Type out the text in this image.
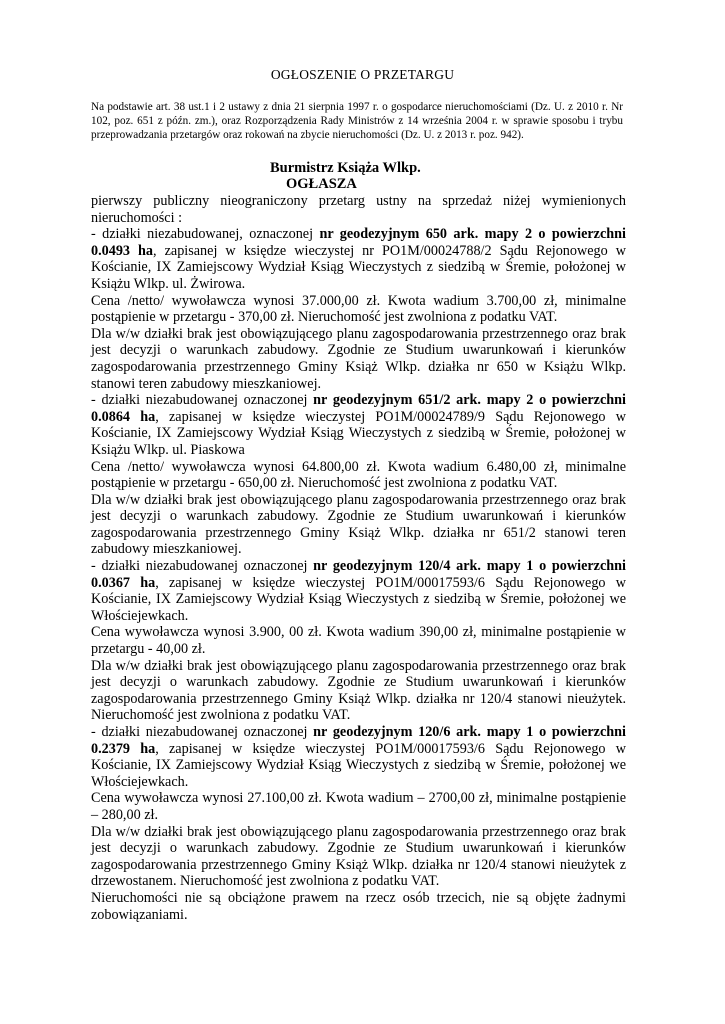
OGŁOSZENIE O PRZETARGU
Na podstawie art. 38 ust.1 i 2 ustawy z dnia 21 sierpnia 1997 r. o gospodarce nieruchomościami (Dz. U. z 2010 r. Nr 102, poz. 651 z późn. zm.), oraz Rozporządzenia Rady Ministrów z 14 września 2004 r. w sprawie sposobu i trybu przeprowadzania przetargów oraz rokowań na zbycie nieruchomości (Dz. U. z 2013 r. poz. 942).
Burmistrz Książa Wlkp.
OGŁASZA

pierwszy publiczny nieograniczony przetarg ustny na sprzedaż niżej wymienionych nieruchomości :

- działki niezabudowanej, oznaczonej nr geodezyjnym 650 ark. mapy 2 o powierzchni 0.0493 ha, zapisanej w księdze wieczystej nr PO1M/00024788/2 Sądu Rejonowego w Kościanie, IX Zamiejscowy Wydział Ksiąg Wieczystych z siedzibą w Śremie, położonej w Książu Wlkp. ul. Żwirowa.

Cena /netto/ wywoławcza wynosi 37.000,00 zł. Kwota wadium 3.700,00 zł, minimalne postąpienie w przetargu - 370,00 zł. Nieruchomość jest zwolniona z podatku VAT.

Dla w/w działki brak jest obowiązującego planu zagospodarowania przestrzennego oraz brak jest decyzji o warunkach zabudowy. Zgodnie ze Studium uwarunkowań i kierunków zagospodarowania przestrzennego Gminy Książ Wlkp. działka nr 650 w Książu Wlkp. stanowi teren zabudowy mieszkaniowej.

- działki niezabudowanej oznaczonej nr geodezyjnym 651/2 ark. mapy 2 o powierzchni 0.0864 ha, zapisanej w księdze wieczystej PO1M/00024789/9 Sądu Rejonowego w Kościanie, IX Zamiejscowy Wydział Ksiąg Wieczystych z siedzibą w Śremie, położonej w Książu Wlkp. ul. Piaskowa

Cena /netto/ wywoławcza wynosi 64.800,00 zł. Kwota wadium 6.480,00 zł, minimalne postąpienie w przetargu - 650,00 zł. Nieruchomość jest zwolniona z podatku VAT.

Dla w/w działki brak jest obowiązującego planu zagospodarowania przestrzennego oraz brak jest decyzji o warunkach zabudowy. Zgodnie ze Studium uwarunkowań i kierunków zagospodarowania przestrzennego Gminy Książ Wlkp. działka nr 651/2 stanowi teren zabudowy mieszkaniowej.

- działki niezabudowanej oznaczonej nr geodezyjnym 120/4 ark. mapy 1 o powierzchni 0.0367 ha, zapisanej w księdze wieczystej PO1M/00017593/6 Sądu Rejonowego w Kościanie, IX Zamiejscowy Wydział Ksiąg Wieczystych z siedzibą w Śremie, położonej we Włościejewkach.

Cena wywoławcza wynosi 3.900, 00 zł. Kwota wadium 390,00 zł, minimalne postąpienie w przetargu - 40,00 zł.

Dla w/w działki brak jest obowiązującego planu zagospodarowania przestrzennego oraz brak jest decyzji o warunkach zabudowy. Zgodnie ze Studium uwarunkowań i kierunków zagospodarowania przestrzennego Gminy Książ Wlkp. działka nr 120/4 stanowi nieużytek. Nieruchomość jest zwolniona z podatku VAT.

- działki niezabudowanej oznaczonej nr geodezyjnym 120/6 ark. mapy 1 o powierzchni 0.2379 ha, zapisanej w księdze wieczystej PO1M/00017593/6 Sądu Rejonowego w Kościanie, IX Zamiejscowy Wydział Ksiąg Wieczystych z siedzibą w Śremie, położonej we Włościejewkach.

Cena wywoławcza wynosi 27.100,00 zł. Kwota wadium – 2700,00 zł, minimalne postąpienie – 280,00 zł.

Dla w/w działki brak jest obowiązującego planu zagospodarowania przestrzennego oraz brak jest decyzji o warunkach zabudowy. Zgodnie ze Studium uwarunkowań i kierunków zagospodarowania przestrzennego Gminy Książ Wlkp. działka nr 120/4 stanowi nieużytek z drzewostanem. Nieruchomość jest zwolniona z podatku VAT.

Nieruchomości nie są obciążone prawem na rzecz osób trzecich, nie są objęte żadnymi zobowiązaniami.
